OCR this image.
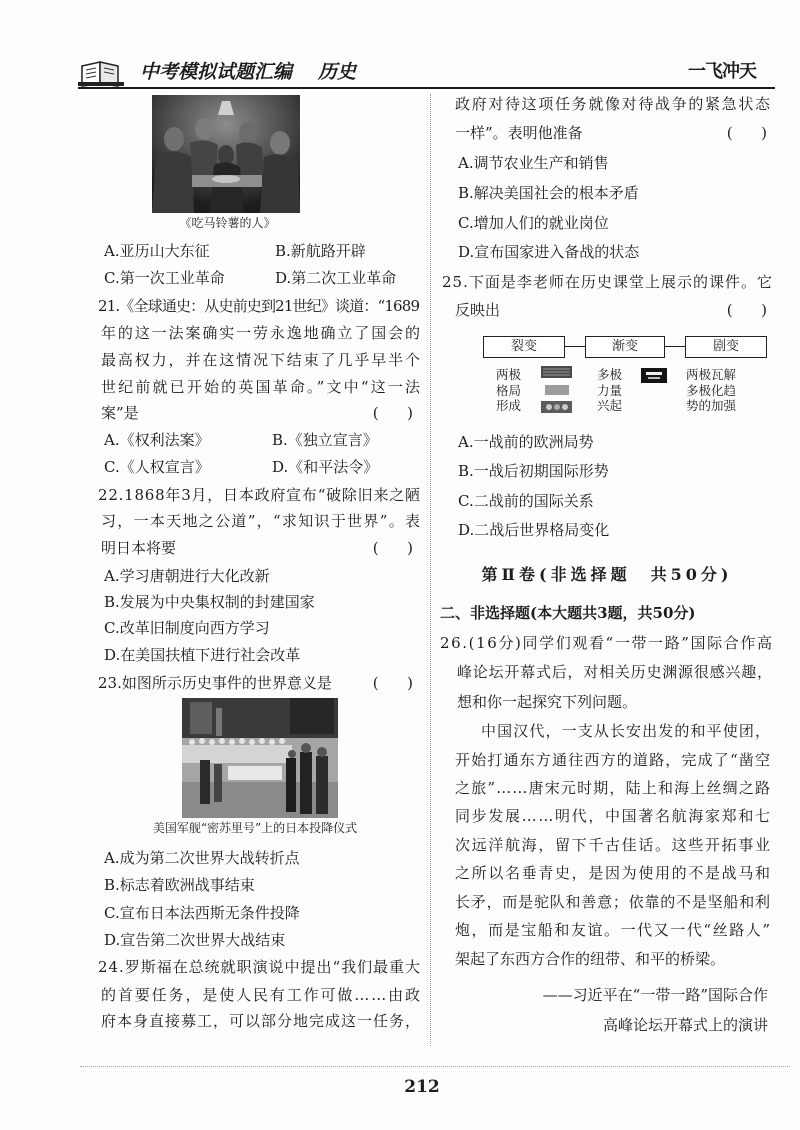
中考模拟试题汇编 历史	一飞冲天
《吃马铃薯的人》
A.亚历山大东征	B.新航路开辟
C.第一次工业革命	D.第二次工业革命
21.《全球通史：从史前史到21世纪》谈道：“1689
年的这一法案确实一劳永逸地确立了国会的
最高权力，并在这情况下结束了几乎早半个
世纪前就已开始的英国革命。”文中“这一法
案”是	(      )
A.《权利法案》	B.《独立宣言》
C.《人权宣言》	D.《和平法令》
22.1868年3月，日本政府宣布“破除旧来之陋
习，一本天地之公道”，“求知识于世界”。表
明日本将要	(      )
A.学习唐朝进行大化改新
B.发展为中央集权制的封建国家
C.改革旧制度向西方学习
D.在美国扶植下进行社会改革
23.如图所示历史事件的世界意义是	(      )
美国军舰“密苏里号”上的日本投降仪式
A.成为第二次世界大战转折点
B.标志着欧洲战事结束
C.宣布日本法西斯无条件投降
D.宣告第二次世界大战结束
24.罗斯福在总统就职演说中提出“我们最重大
的首要任务，是使人民有工作可做……由政
府本身直接募工，可以部分地完成这一任务，
政府对待这项任务就像对待战争的紧急状态
一样”。表明他准备	(      )
A.调节农业生产和销售
B.解决美国社会的根本矛盾
C.增加人们的就业岗位
D.宣布国家进入备战的状态
25.下面是李老师在历史课堂上展示的课件。它
反映出	(      )
裂变	渐变	剧变
两极
格局
形成
多极
力量
兴起
两极瓦解
多极化趋
势的加强
A.一战前的欧洲局势
B.一战后初期国际形势
C.二战前的国际关系
D.二战后世界格局变化
第Ⅱ卷(非选择题　共50分)
二、非选择题(本大题共3题，共50分)
26.(16分)同学们观看“一带一路”国际合作高
峰论坛开幕式后，对相关历史渊源很感兴趣，
想和你一起探究下列问题。
中国汉代，一支从长安出发的和平使团，
开始打通东方通往西方的道路，完成了“凿空
之旅”……唐宋元时期，陆上和海上丝绸之路
同步发展……明代，中国著名航海家郑和七
次远洋航海，留下千古佳话。这些开拓事业
之所以名垂青史，是因为使用的不是战马和
长矛，而是驼队和善意；依靠的不是坚船和利
炮，而是宝船和友谊。一代又一代“丝路人”
架起了东西方合作的纽带、和平的桥梁。
——习近平在“一带一路”国际合作
高峰论坛开幕式上的演讲
212
